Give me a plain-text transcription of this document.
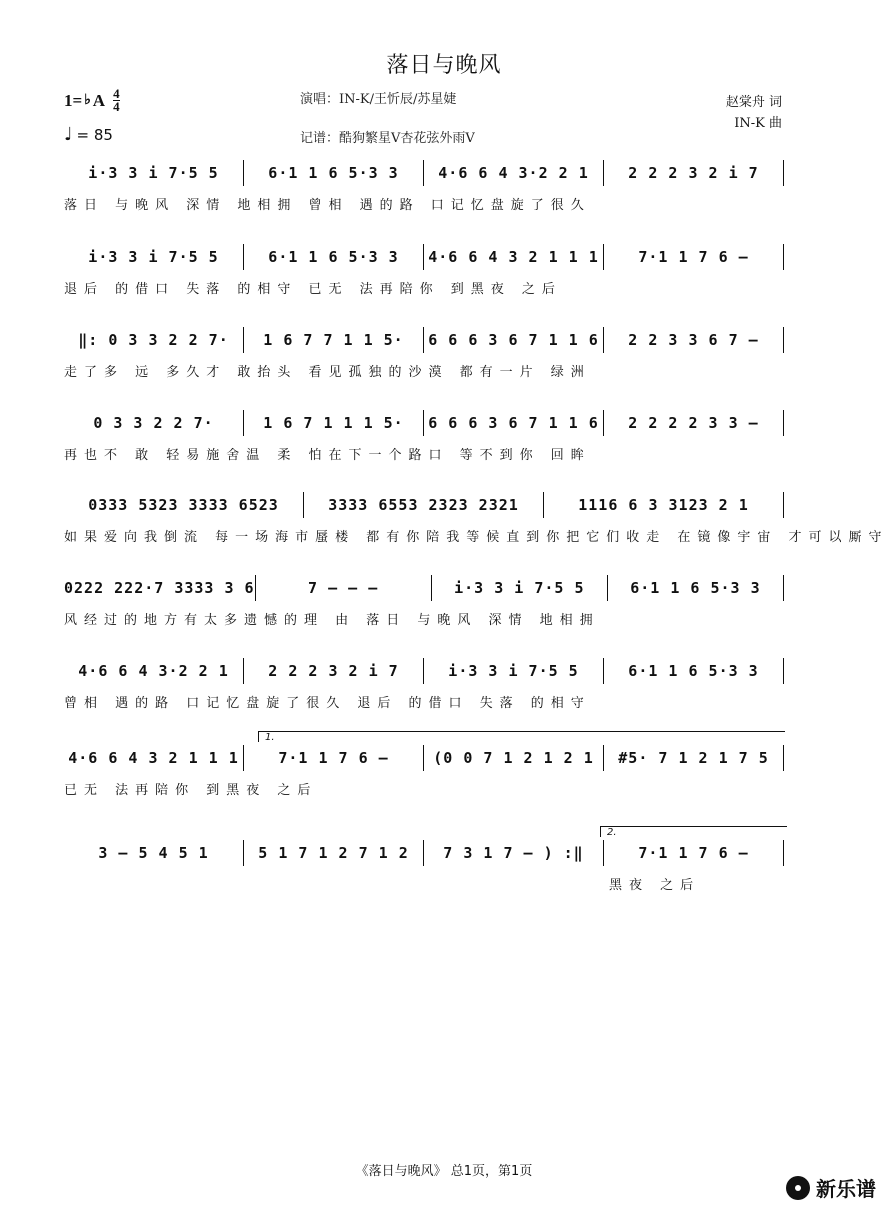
落日与晚风
1= ♭ A 4
4
♩ = 85
演唱：IN-K/王忻辰/苏星婕
记谱：酷狗繁星V杏花弦外雨V
赵棠舟 词
IN-K 曲
i·3 3 i 7·5 5	6·1 1 6 5·3 3	4·6 6 4 3·2 2 1	2 2 2 3 2 i 7
落日 与晚风 深情 地相拥 曾相 遇的路 口记忆盘旋了很久
i·3 3 i 7·5 5	6·1 1 6 5·3 3	4·6 6 4 3 2 1 1 1	7·1 1 7 6 –
退后 的借口 失落 的相守 已无 法再陪你 到黑夜 之后
‖: 0 3 3 2 2 7·	1 6 7 7 1 1 5·	6 6 6 3 6 7 1 1 6	2 2 3 3 6 7 –
走了多 远 多久才 敢抬头 看见孤独的沙漠 都有一片 绿洲
0 3 3 2 2 7·	1 6 7 1 1 1 5·	6 6 6 3 6 7 1 1 6	2 2 2 2 3 3 –
再也不 敢 轻易施舍温 柔 怕在下一个路口 等不到你 回眸
0333 5323 3333 6523	3333 6553 2323 2321	1116 6 3 3123 2 1
如果爱向我倒流 每一场海市蜃楼 都有你陪我等候直到你把它们收走 在镜像宇宙 才可以厮守
0222 222·7 3333 3 6	7 – – –	i·3 3 i 7·5 5	6·1 1 6 5·3 3
风经过的地方有太多遗憾的理 由 落日 与晚风 深情 地相拥
4·6 6 4 3·2 2 1	2 2 2 3 2 i 7	i·3 3 i 7·5 5	6·1 1 6 5·3 3
曾相 遇的路 口记忆盘旋了很久 退后 的借口 失落 的相守
4·6 6 4 3 2 1 1 1	7·1 1 7 6 –	(0 0 7 1 2 1 2 1	#5· 7 1 2 1 7 5
已无 法再陪你 到黑夜 之后
1.
3 – 5 4 5 1	5 1 7 1 2 7 1 2	7 3 1 7 – ) :‖	7·1 1 7 6 –
黑夜 之后
2.
《落日与晚风》 总1页，第1页
新乐谱
